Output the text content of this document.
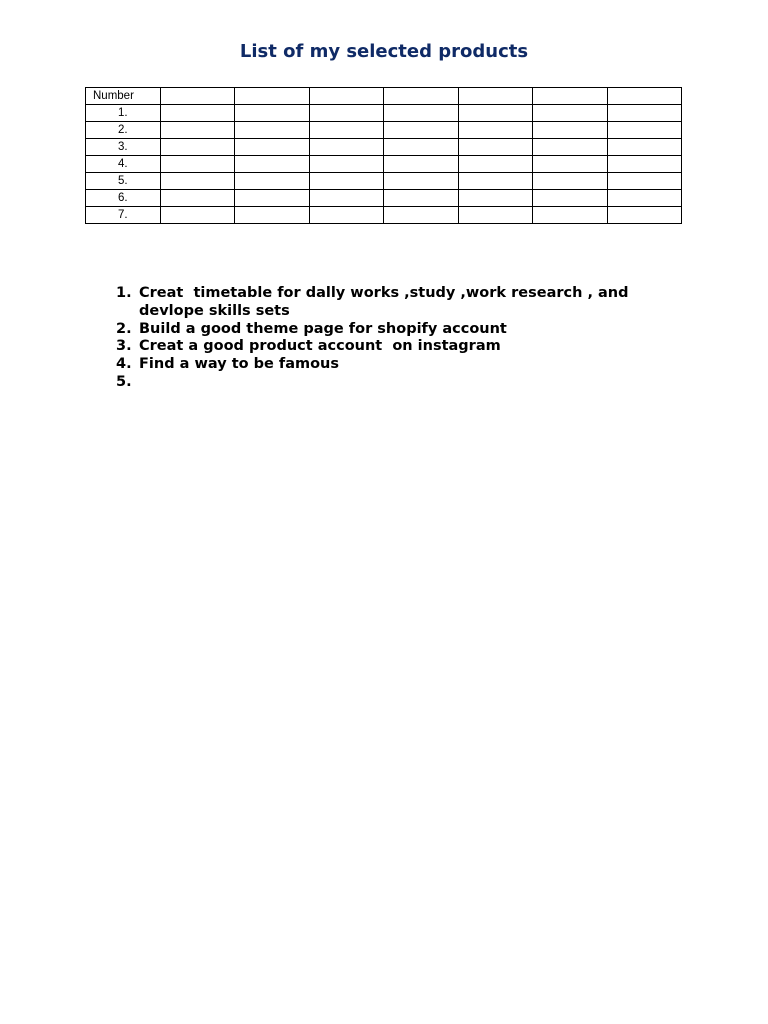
List of my selected products
Number							
1.							
2.							
3.							
4.							
5.							
6.							
7.							
1. Creat  timetable for dally works ,study ,work research , and devlope skills sets
2. Build a good theme page for shopify account
3. Creat a good product account  on instagram
4. Find a way to be famous
5.
